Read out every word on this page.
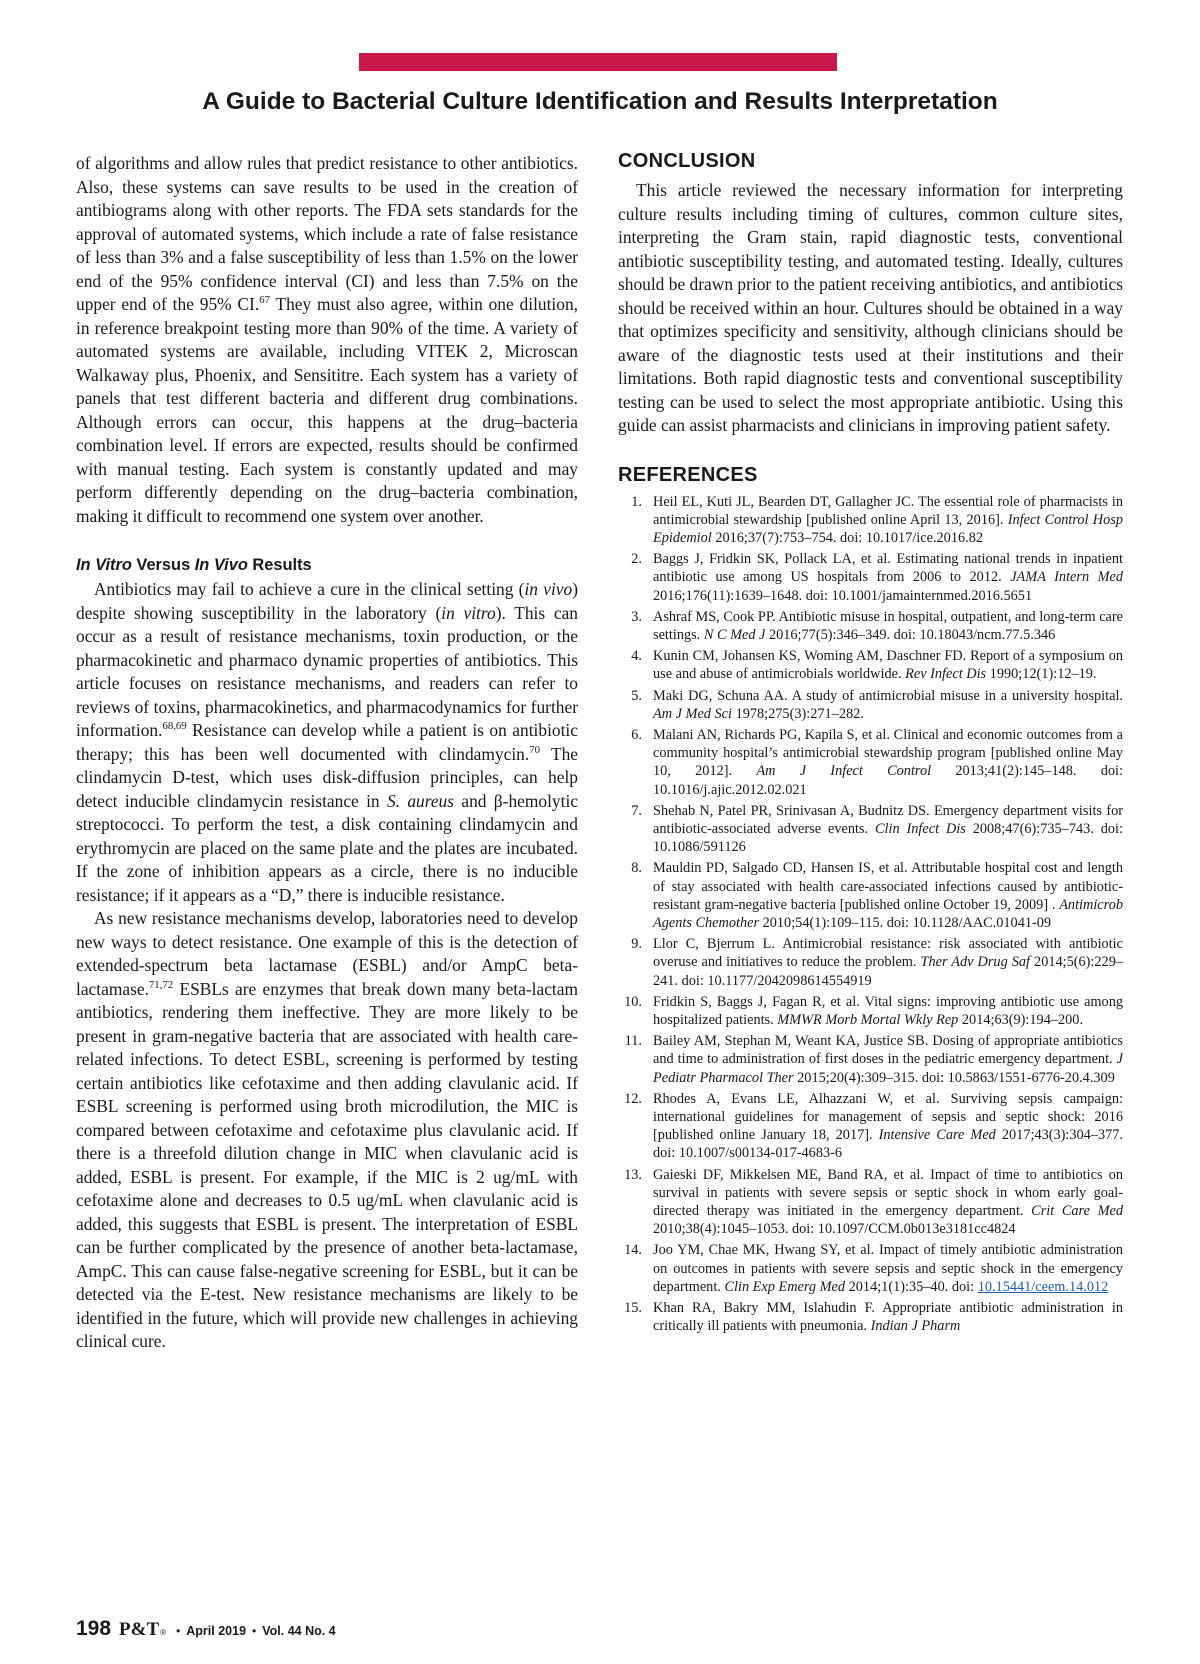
A Guide to Bacterial Culture Identification and Results Interpretation

of algorithms and allow rules that predict resistance to other antibiotics. Also, these systems can save results to be used in the creation of antibiograms along with other reports. The FDA sets standards for the approval of automated systems, which include a rate of false resistance of less than 3% and a false susceptibility of less than 1.5% on the lower end of the 95% confidence interval (CI) and less than 7.5% on the upper end of the 95% CI.$^{67}$ They must also agree, within one dilution, in reference breakpoint testing more than 90% of the time. A variety of automated systems are available, including VITEK 2, Microscan Walkaway plus, Phoenix, and Sensititre. Each system has a variety of panels that test different bacteria and different drug combinations. Although errors can occur, this happens at the drug–bacteria combination level. If errors are expected, results should be confirmed with manual testing. Each system is constantly updated and may perform differently depending on the drug–bacteria combination, making it difficult to recommend one system over another.

In Vitro Versus In Vivo Results

Antibiotics may fail to achieve a cure in the clinical setting (in vivo) despite showing susceptibility in the laboratory (in vitro). This can occur as a result of resistance mechanisms, toxin production, or the pharmacokinetic and pharmaco dynamic properties of antibiotics. This article focuses on resistance mechanisms, and readers can refer to reviews of toxins, pharmacokinetics, and pharmacodynamics for further information.$^{68,69}$ Resistance can develop while a patient is on antibiotic therapy; this has been well documented with clindamycin.$^{70}$ The clindamycin D-test, which uses disk-diffusion principles, can help detect inducible clindamycin resistance in S. aureus and β-hemolytic streptococci. To perform the test, a disk containing clindamycin and erythromycin are placed on the same plate and the plates are incubated. If the zone of inhibition appears as a circle, there is no inducible resistance; if it appears as a “D,” there is inducible resistance.

As new resistance mechanisms develop, laboratories need to develop new ways to detect resistance. One example of this is the detection of extended-spectrum beta lactamase (ESBL) and/or AmpC beta-lactamase.$^{71,72}$ ESBLs are enzymes that break down many beta-lactam antibiotics, rendering them ineffective. They are more likely to be present in gram-negative bacteria that are associated with health care-related infections. To detect ESBL, screening is performed by testing certain antibiotics like cefotaxime and then adding clavulanic acid. If ESBL screening is performed using broth microdilution, the MIC is compared between cefotaxime and cefotaxime plus clavulanic acid. If there is a threefold dilution change in MIC when clavulanic acid is added, ESBL is present. For example, if the MIC is 2 ug/mL with cefotaxime alone and decreases to 0.5 ug/mL when clavulanic acid is added, this suggests that ESBL is present. The interpretation of ESBL can be further complicated by the presence of another beta-lactamase, AmpC. This can cause false-negative screening for ESBL, but it can be detected via the E-test. New resistance mechanisms are likely to be identified in the future, which will provide new challenges in achieving clinical cure.

CONCLUSION

This article reviewed the necessary information for interpreting culture results including timing of cultures, common culture sites, interpreting the Gram stain, rapid diagnostic tests, conventional antibiotic susceptibility testing, and automated testing. Ideally, cultures should be drawn prior to the patient receiving antibiotics, and antibiotics should be received within an hour. Cultures should be obtained in a way that optimizes specificity and sensitivity, although clinicians should be aware of the diagnostic tests used at their institutions and their limitations. Both rapid diagnostic tests and conventional susceptibility testing can be used to select the most appropriate antibiotic. Using this guide can assist pharmacists and clinicians in improving patient safety.

REFERENCES
1. Heil EL, Kuti JL, Bearden DT, Gallagher JC. The essential role of pharmacists in antimicrobial stewardship [published online April 13, 2016]. Infect Control Hosp Epidemiol 2016;37(7):753–754. doi: 10.1017/ice.2016.82
2. Baggs J, Fridkin SK, Pollack LA, et al. Estimating national trends in inpatient antibiotic use among US hospitals from 2006 to 2012. JAMA Intern Med 2016;176(11):1639–1648. doi: 10.1001/jamainternmed.2016.5651
3. Ashraf MS, Cook PP. Antibiotic misuse in hospital, outpatient, and long-term care settings. N C Med J 2016;77(5):346–349. doi: 10.18043/ncm.77.5.346
4. Kunin CM, Johansen KS, Woming AM, Daschner FD. Report of a symposium on use and abuse of antimicrobials worldwide. Rev Infect Dis 1990;12(1):12–19.
5. Maki DG, Schuna AA. A study of antimicrobial misuse in a university hospital. Am J Med Sci 1978;275(3):271–282.
6. Malani AN, Richards PG, Kapila S, et al. Clinical and economic outcomes from a community hospital’s antimicrobial stewardship program [published online May 10, 2012]. Am J Infect Control 2013;41(2):145–148. doi: 10.1016/j.ajic.2012.02.021
7. Shehab N, Patel PR, Srinivasan A, Budnitz DS. Emergency department visits for antibiotic-associated adverse events. Clin Infect Dis 2008;47(6):735–743. doi: 10.1086/591126
8. Mauldin PD, Salgado CD, Hansen IS, et al. Attributable hospital cost and length of stay associated with health care-associated infections caused by antibiotic-resistant gram-negative bacteria [published online October 19, 2009] . Antimicrob Agents Chemother 2010;54(1):109–115. doi: 10.1128/AAC.01041-09
9. Llor C, Bjerrum L. Antimicrobial resistance: risk associated with antibiotic overuse and initiatives to reduce the problem. Ther Adv Drug Saf 2014;5(6):229–241. doi: 10.1177/2042098614554919
10. Fridkin S, Baggs J, Fagan R, et al. Vital signs: improving antibiotic use among hospitalized patients. MMWR Morb Mortal Wkly Rep 2014;63(9):194–200.
11. Bailey AM, Stephan M, Weant KA, Justice SB. Dosing of appropriate antibiotics and time to administration of first doses in the pediatric emergency department. J Pediatr Pharmacol Ther 2015;20(4):309–315. doi: 10.5863/1551-6776-20.4.309
12. Rhodes A, Evans LE, Alhazzani W, et al. Surviving sepsis campaign: international guidelines for management of sepsis and septic shock: 2016 [published online January 18, 2017]. Intensive Care Med 2017;43(3):304–377. doi: 10.1007/s00134-017-4683-6
13. Gaieski DF, Mikkelsen ME, Band RA, et al. Impact of time to antibiotics on survival in patients with severe sepsis or septic shock in whom early goal-directed therapy was initiated in the emergency department. Crit Care Med 2010;38(4):1045–1053. doi: 10.1097/CCM.0b013e3181cc4824
14. Joo YM, Chae MK, Hwang SY, et al. Impact of timely antibiotic administration on outcomes in patients with severe sepsis and septic shock in the emergency department. Clin Exp Emerg Med 2014;1(1):35–40. doi: 10.15441/ceem.14.012
15. Khan RA, Bakry MM, Islahudin F. Appropriate antibiotic administration in critically ill patients with pneumonia. Indian J Pharm
198 P&T® • April 2019 • Vol. 44 No. 4
